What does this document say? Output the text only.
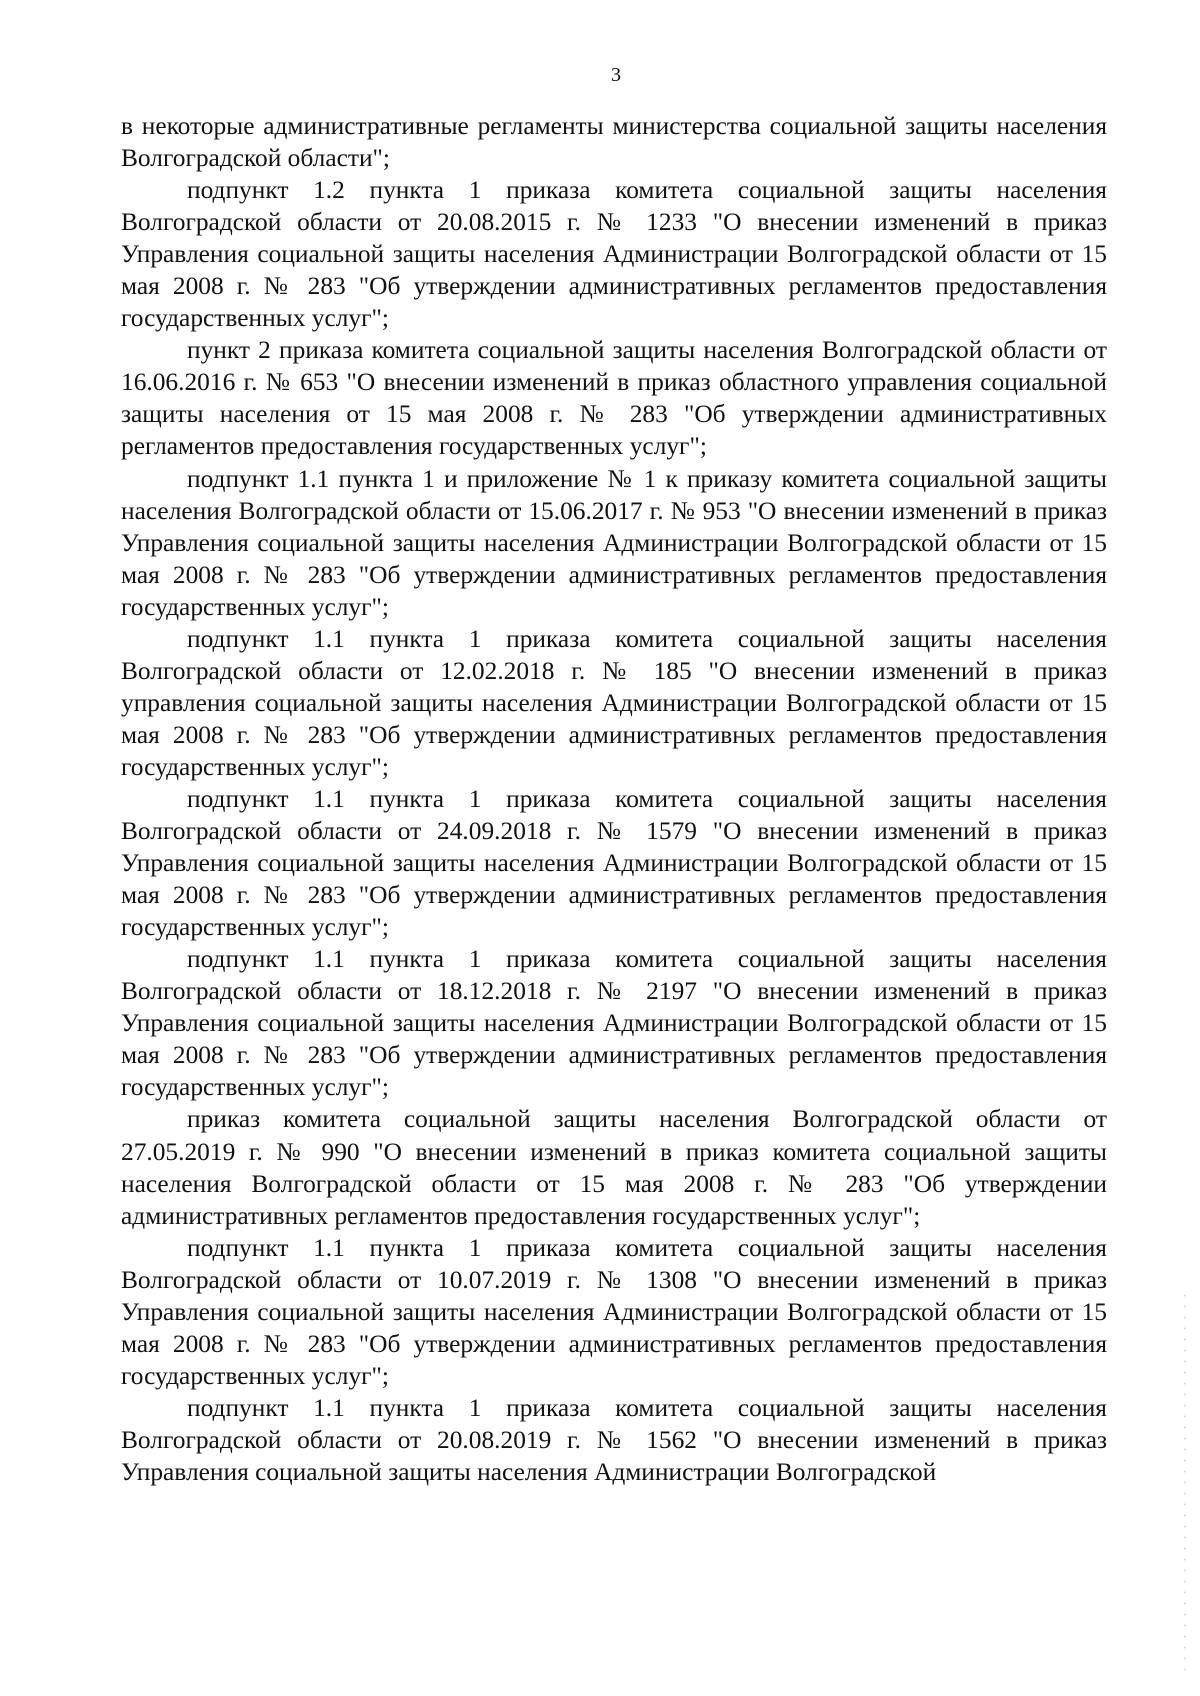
3

в некоторые административные регламенты министерства социальной защиты населения Волгоградской области";

подпункт 1.2 пункта 1 приказа комитета социальной защиты населения Волгоградской области от 20.08.2015 г. № 1233 "О внесении изменений в приказ Управления социальной защиты населения Администрации Волгоградской области от 15 мая 2008 г. № 283 "Об утверждении административных регламентов предоставления государственных услуг";

пункт 2 приказа комитета социальной защиты населения Волгоградской области от 16.06.2016 г. № 653 "О внесении изменений в приказ областного управления социальной защиты населения от 15 мая 2008 г. № 283 "Об утверждении административных регламентов предоставления государственных услуг";

подпункт 1.1 пункта 1 и приложение № 1 к приказу комитета социальной защиты населения Волгоградской области от 15.06.2017 г. № 953 "О внесении изменений в приказ Управления социальной защиты населения Администрации Волгоградской области от 15 мая 2008 г. № 283 "Об утверждении административных регламентов предоставления государственных услуг";

подпункт 1.1 пункта 1 приказа комитета социальной защиты населения Волгоградской области от 12.02.2018 г. № 185 "О внесении изменений в приказ управления социальной защиты населения Администрации Волгоградской области от 15 мая 2008 г. № 283 "Об утверждении административных регламентов предоставления государственных услуг";

подпункт 1.1 пункта 1 приказа комитета социальной защиты населения Волгоградской области от 24.09.2018 г. № 1579 "О внесении изменений в приказ Управления социальной защиты населения Администрации Волгоградской области от 15 мая 2008 г. № 283 "Об утверждении административных регламентов предоставления государственных услуг";

подпункт 1.1 пункта 1 приказа комитета социальной защиты населения Волгоградской области от 18.12.2018 г. № 2197 "О внесении изменений в приказ Управления социальной защиты населения Администрации Волгоградской области от 15 мая 2008 г. № 283 "Об утверждении административных регламентов предоставления государственных услуг";

приказ комитета социальной защиты населения Волгоградской области от 27.05.2019 г. № 990 "О внесении изменений в приказ комитета социальной защиты населения Волгоградской области от 15 мая 2008 г. № 283 "Об утверждении административных регламентов предоставления государственных услуг";

подпункт 1.1 пункта 1 приказа комитета социальной защиты населения Волгоградской области от 10.07.2019 г. № 1308 "О внесении изменений в приказ Управления социальной защиты населения Администрации Волгоградской области от 15 мая 2008 г. № 283 "Об утверждении административных регламентов предоставления государственных услуг";

подпункт 1.1 пункта 1 приказа комитета социальной защиты населения Волгоградской области от 20.08.2019 г. № 1562 "О внесении изменений в приказ Управления социальной защиты населения Администрации Волгоградской
